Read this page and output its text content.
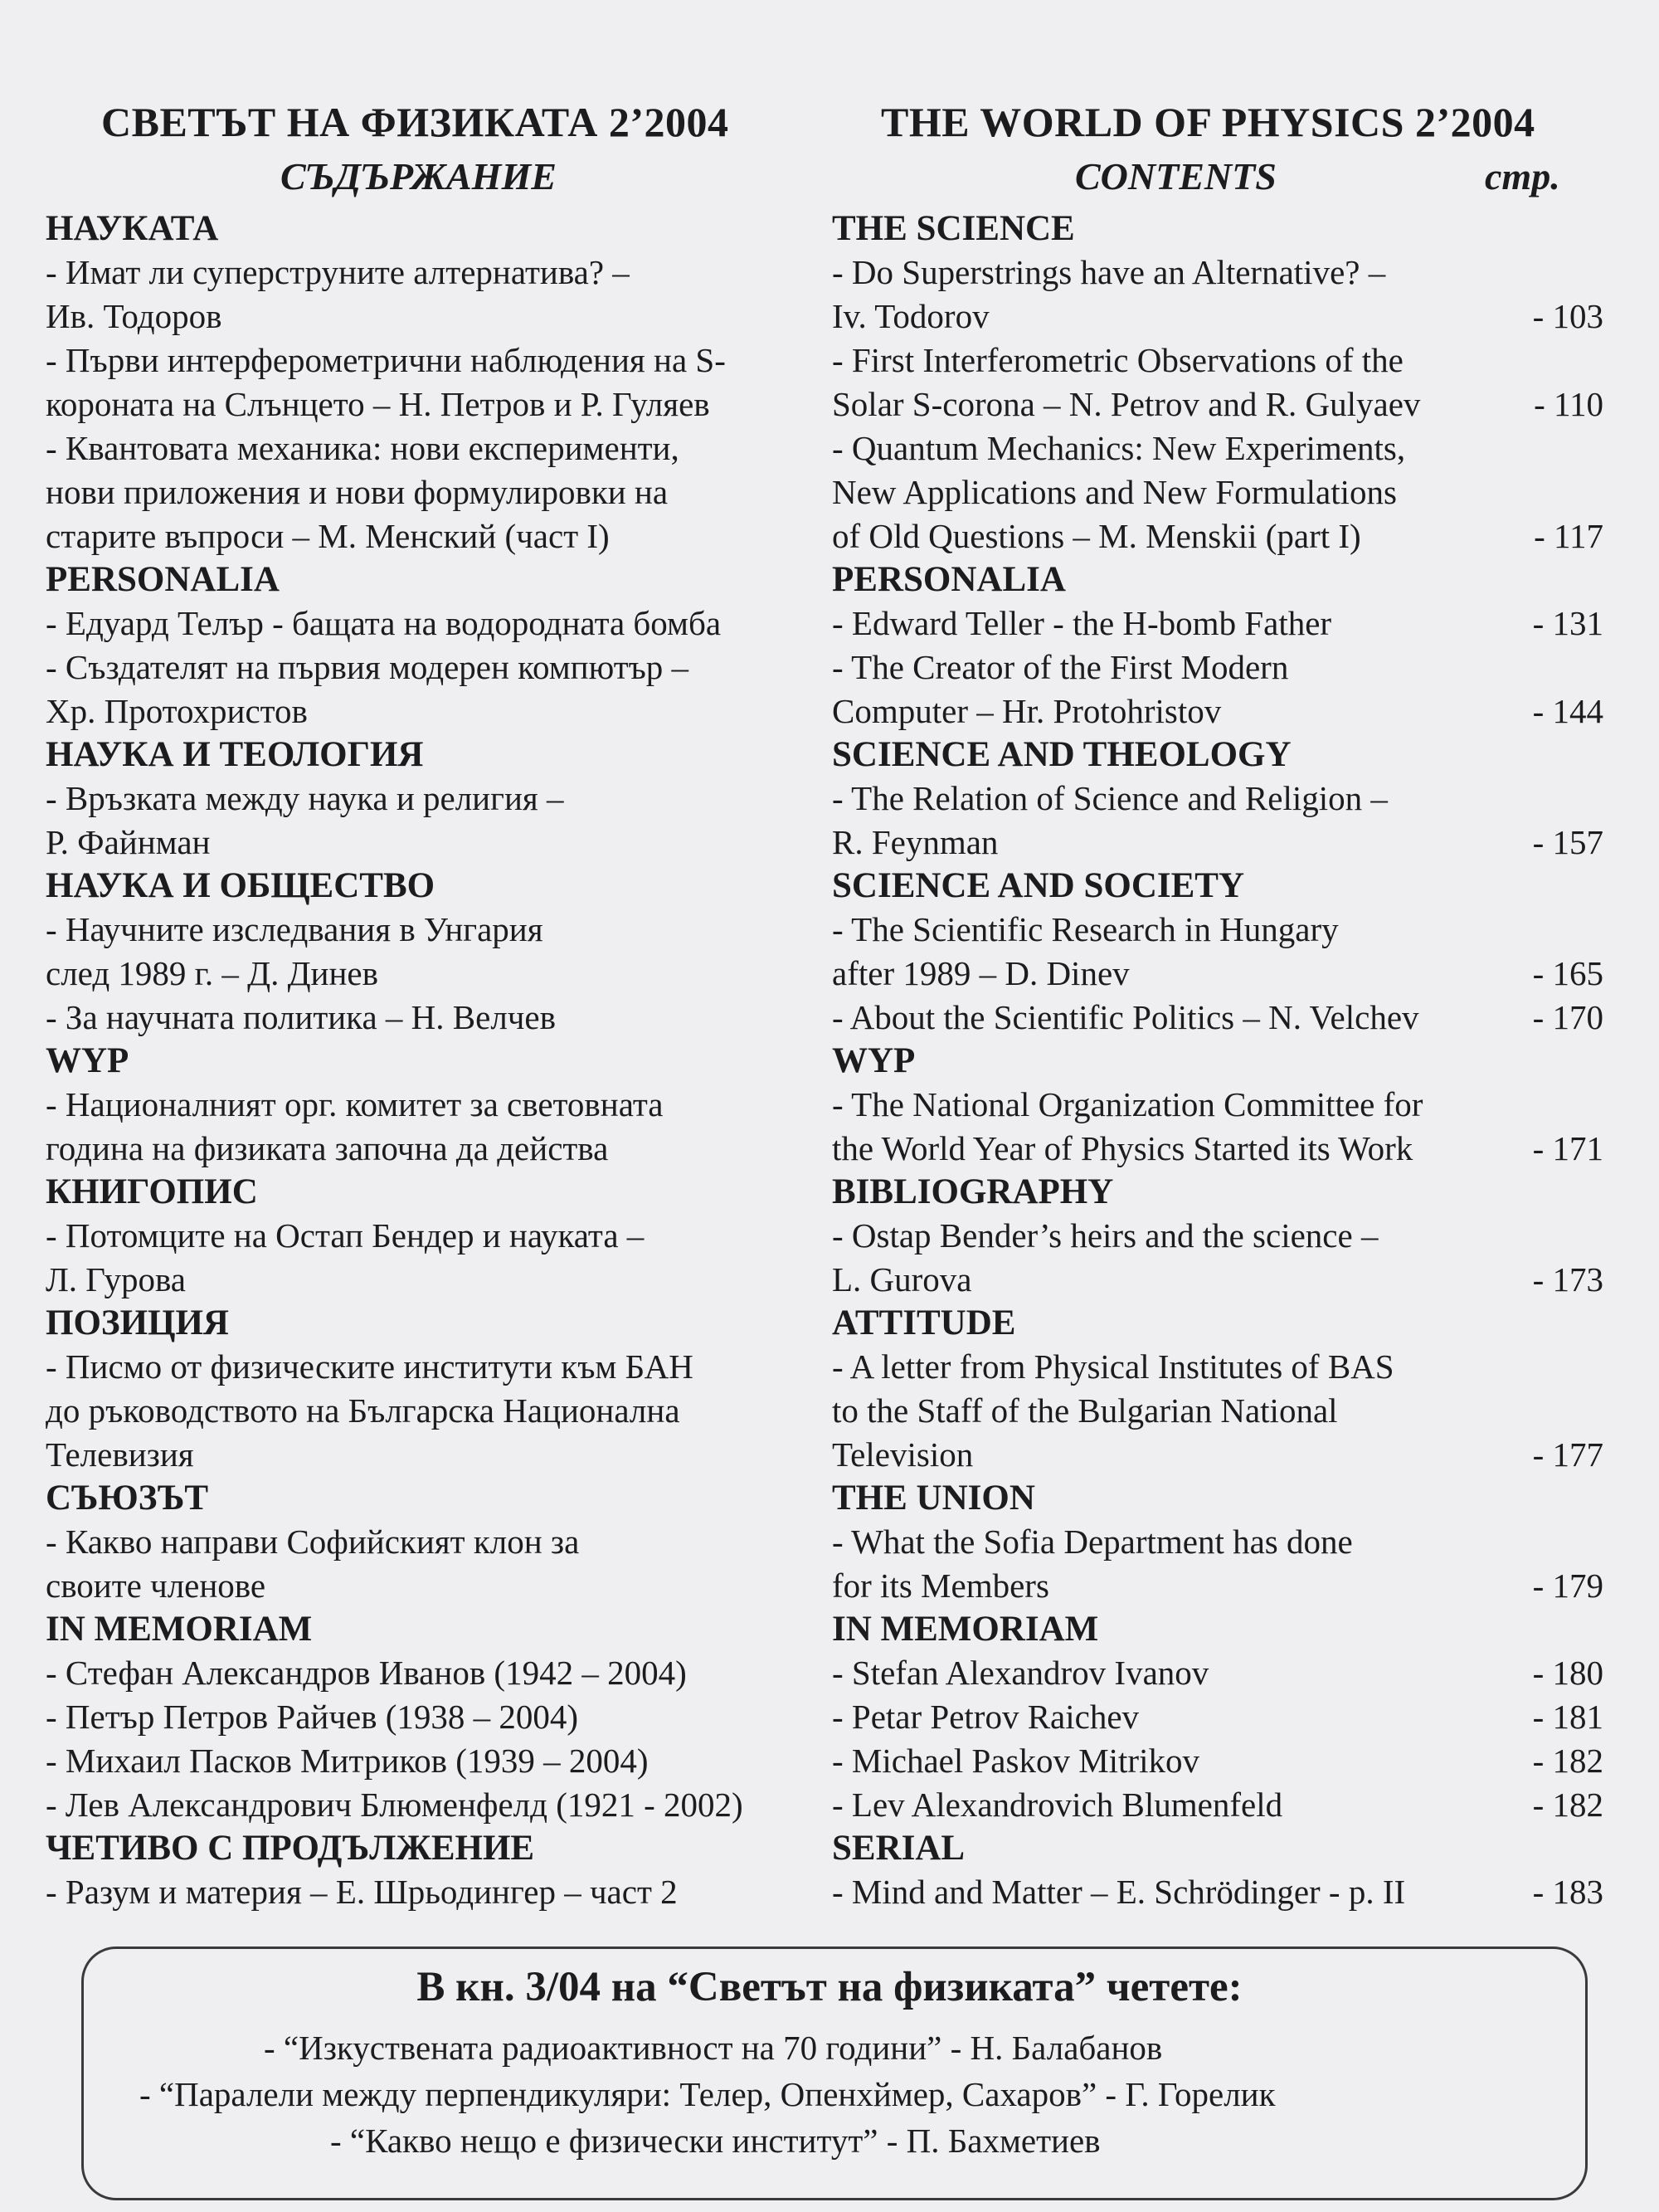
СВЕТЪТ НА ФИЗИКАТА 2’2004
СЪДЪРЖАНИЕ
THE WORLD OF PHYSICS 2’2004
CONTENTS	стр.
НАУКАТА
- Имат ли суперструните алтернатива? –
Ив. Тодоров
- Първи интерферометрични наблюдения на S-
короната на Слънцето – Н. Петров и Р. Гуляев
- Квантовата механика: нови експерименти,
нови приложения и нови формулировки на
старите въпроси – М. Менский (част I)
PERSONALIA
- Едуард Телър - бащата на водородната бомба
- Създателят на първия модерен компютър –
Хр. Протохристов
НАУКА И ТЕОЛОГИЯ
- Връзката между наука и религия –
Р. Файнман
НАУКА И ОБЩЕСТВО
- Научните изследвания в Унгария
след 1989 г. – Д. Динев
- За научната политика – Н. Велчев
WYP
- Националният орг. комитет за световната
година на физиката започна да действа
КНИГОПИС
- Потомците на Остап Бендер и науката –
Л. Гурова
ПОЗИЦИЯ
- Писмо от физическите институти към БАН
до ръководството на Българска Национална
Телевизия
СЪЮЗЪТ
- Какво направи Софийският клон за
своите членове
IN MEMORIAM
- Стефан Александров Иванов (1942 – 2004)
- Петър Петров Райчев (1938 – 2004)
- Михаил Пасков Митриков (1939 – 2004)
- Лев Александрович Блюменфелд (1921 - 2002)
ЧЕТИВО С ПРОДЪЛЖЕНИЕ
- Разум и материя – Е. Шрьодингер – част 2
THE SCIENCE
- Do Superstrings have an Alternative? –
Iv. Todorov	- 103
- First Interferometric Observations of the
Solar S-corona – N. Petrov and R. Gulyaev	- 110
- Quantum Mechanics: New Experiments,
New Applications and New Formulations
of Old Questions – M. Menskii (part I)	- 117
PERSONALIA
- Edward Teller - the H-bomb Father	- 131
- The Creator of the First Modern
Computer – Hr. Protohristov	- 144
SCIENCE AND THEOLOGY
- The Relation of Science and Religion –
R. Feynman	- 157
SCIENCE AND SOCIETY
- The Scientific Research in Hungary
after 1989 – D. Dinev	- 165
- About the Scientific Politics – N. Velchev	- 170
WYP
- The National Organization Committee for
the World Year of Physics Started its Work	- 171
BIBLIOGRAPHY
- Ostap Bender’s heirs and the science –
L. Gurova	- 173
ATTITUDE
- A letter from Physical Institutes of BAS
to the Staff of the Bulgarian National
Television	- 177
THE UNION
- What the Sofia Department has done
for its Members	- 179
IN MEMORIAM
- Stefan Alexandrov Ivanov	- 180
- Petar Petrov Raichev	- 181
- Michael Paskov Mitrikov	- 182
- Lev Alexandrovich Blumenfeld	- 182
SERIAL
- Mind and Matter – E. Schrödinger - p. II	- 183
В кн. 3/04 на “Светът на физиката” четете:
- “Изкуствената радиоактивност на 70 години” - Н. Балабанов
- “Паралели между перпендикуляри: Телер, Опенхймер, Сахаров” - Г. Горелик
- “Какво нещо е физически институт” - П. Бахметиев
